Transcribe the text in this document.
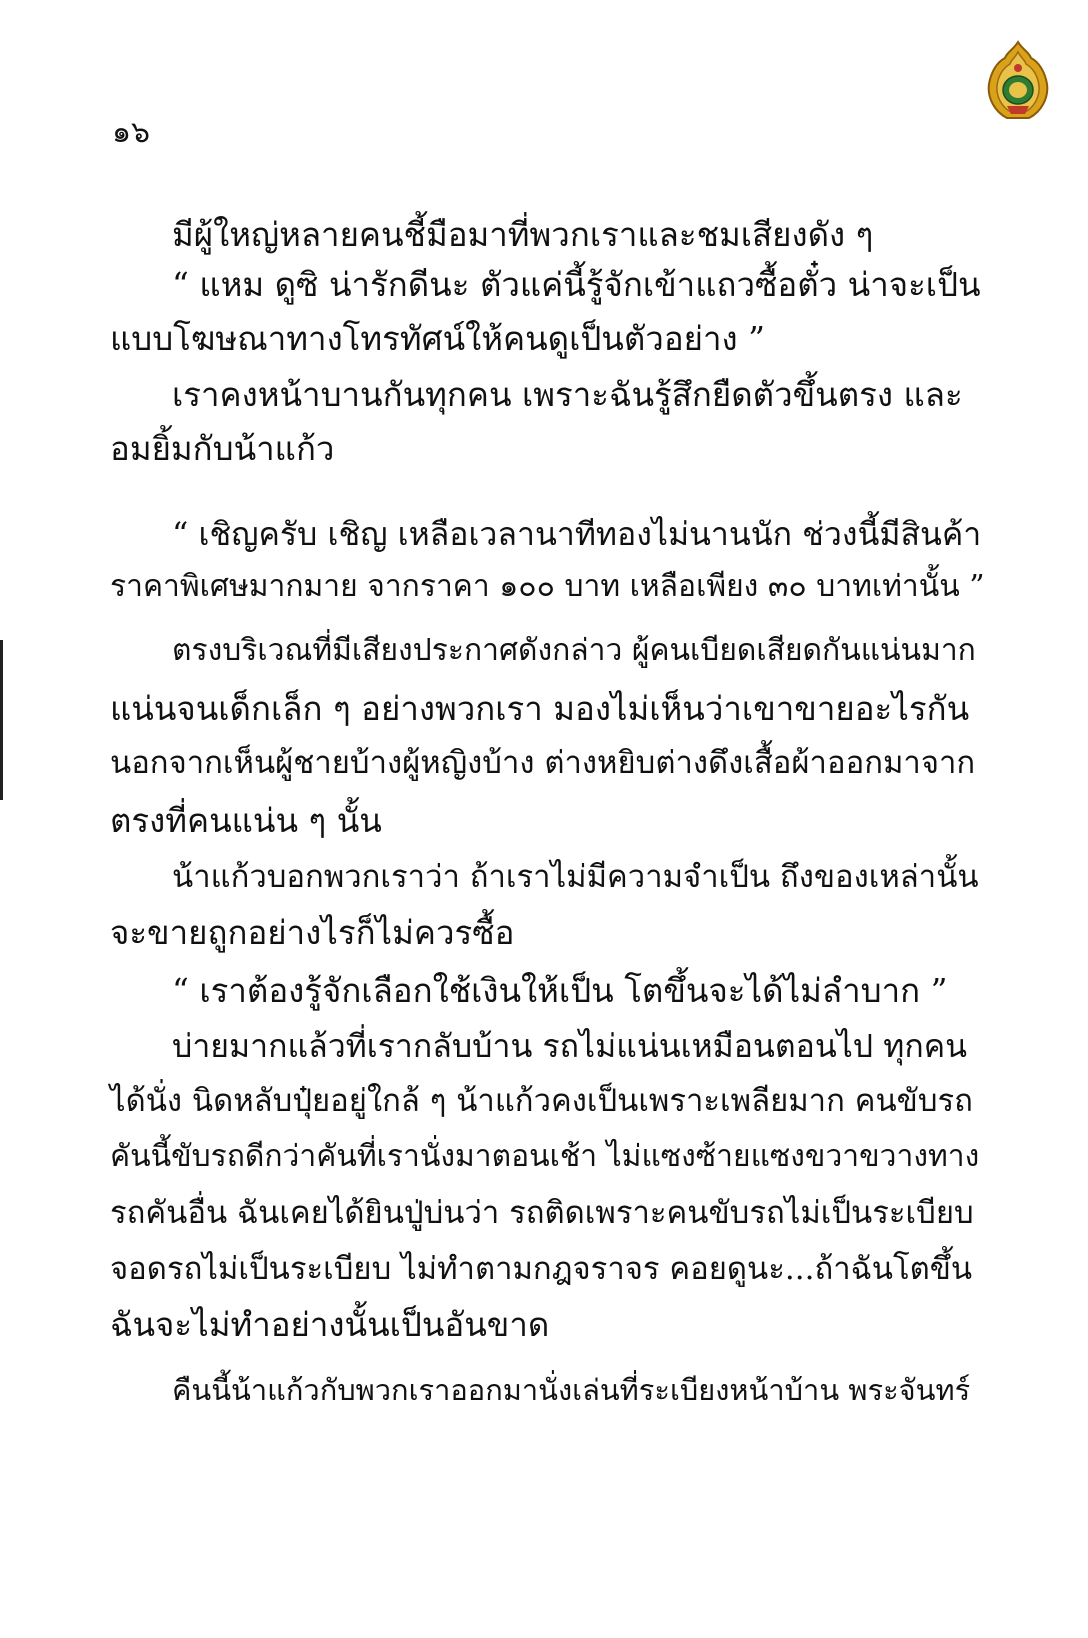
๑๖
มีผู้ใหญ่หลายคนชี้มือมาที่พวกเราและชมเสียงดัง ๆ
“ แหม ดูซิ น่ารักดีนะ ตัวแค่นี้รู้จักเข้าแถวซื้อตั๋ว น่าจะเป็น
แบบโฆษณาทางโทรทัศน์ให้คนดูเป็นตัวอย่าง ”
เราคงหน้าบานกันทุกคน เพราะฉันรู้สึกยืดตัวขึ้นตรง และ
อมยิ้มกับน้าแก้ว
“ เชิญครับ เชิญ เหลือเวลานาทีทองไม่นานนัก ช่วงนี้มีสินค้า
ราคาพิเศษมากมาย จากราคา ๑๐๐ บาท เหลือเพียง ๓๐ บาทเท่านั้น ”
ตรงบริเวณที่มีเสียงประกาศดังกล่าว ผู้คนเบียดเสียดกันแน่นมาก
แน่นจนเด็กเล็ก ๆ อย่างพวกเรา มองไม่เห็นว่าเขาขายอะไรกัน
นอกจากเห็นผู้ชายบ้างผู้หญิงบ้าง ต่างหยิบต่างดึงเสื้อผ้าออกมาจาก
ตรงที่คนแน่น ๆ นั้น
น้าแก้วบอกพวกเราว่า ถ้าเราไม่มีความจำเป็น ถึงของเหล่านั้น
จะขายถูกอย่างไรก็ไม่ควรซื้อ
“ เราต้องรู้จักเลือกใช้เงินให้เป็น โตขึ้นจะได้ไม่ลำบาก ”
บ่ายมากแล้วที่เรากลับบ้าน รถไม่แน่นเหมือนตอนไป ทุกคน
ได้นั่ง นิดหลับปุ๋ยอยู่ใกล้ ๆ น้าแก้วคงเป็นเพราะเพลียมาก คนขับรถ
คันนี้ขับรถดีกว่าคันที่เรานั่งมาตอนเช้า ไม่แซงซ้ายแซงขวาขวางทาง
รถคันอื่น ฉันเคยได้ยินปู่บ่นว่า รถติดเพราะคนขับรถไม่เป็นระเบียบ
จอดรถไม่เป็นระเบียบ ไม่ทำตามกฎจราจร คอยดูนะ...ถ้าฉันโตขึ้น
ฉันจะไม่ทำอย่างนั้นเป็นอันขาด
คืนนี้น้าแก้วกับพวกเราออกมานั่งเล่นที่ระเบียงหน้าบ้าน พระจันทร์
